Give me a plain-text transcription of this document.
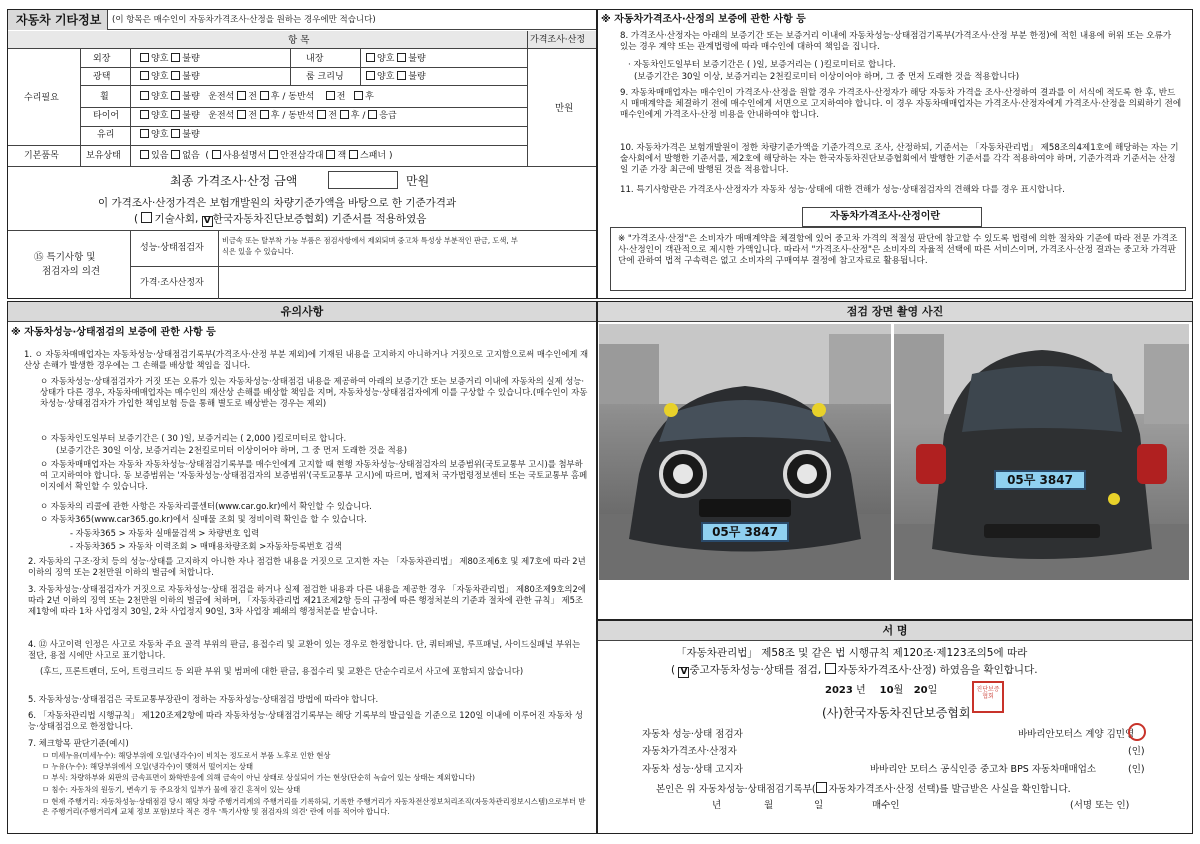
자동차 기타정보 (이 항목은 매수인이 자동차가격조사·산정을 원하는 경우에만 적습니다)
항 목	가격조사·산정
수리필요
기본품목
만원
외장	양호 불량	내장	양호 불량
광택	양호 불량	룸 크리닝	양호 불량
휠	양호 불량 운전석 전 후 / 동반석 전 후
타이어	양호 불량 운전석 전 후 / 동반석 전 후 / 응급
유리	양호 불량
보유상태	있음 없음  ( 사용설명서 안전삼각대 잭 스패너 )
최종 가격조사·산정 금액	만원
이 가격조사·산정가격은 보험개발원의 차량기준가액을 바탕으로 한 기준가격과
( 기술사회, V 한국자동차진단보증협회) 기준서를 적용하였음
⑮ 특기사항 및
점검자의 의견
성능·상태점검자
비금속 또는 탈부착 가능 부품은 점검사항에서 제외되며 중고차 특성상 부분적인 판금, 도색, 부
식은 있을 수 있습니다.
가격·조사산정자
※ 자동차가격조사·산정의 보증에 관한 사항 등
8. 가격조사·산정자는 아래의 보증기간 또는 보증거리 이내에 자동차성능·상태점검기록부(가격조사·산정 부분 한정)에 적힌 내용에 허위 또는 오류가 있는 경우 계약 또는 관계법령에 따라 매수인에 대하여 책임을 집니다.
· 자동차인도일부터 보증기간은 ( )일, 보증거리는 ( )킬로미터로 합니다.
(보증기간은 30일 이상, 보증거리는 2천킬로미터 이상이어야 하며, 그 중 먼저 도래한 것을 적용합니다)
9. 자동차매매업자는 매수인이 가격조사·산정을 원할 경우 가격조사·산정자가 해당 자동차 가격을 조사·산정하여 결과를 이 서식에 적도록 한 후, 반드시 매매계약을 체결하기 전에 매수인에게 서면으로 고지하여야 합니다. 이 경우 자동차매매업자는 가격조사·산정자에게 가격조사·산정을 의뢰하기 전에 매수인에게 가격조사·산정 비용을 안내하여야 합니다.
10. 자동차가격은 보험개발원이 정한 차량기준가액을 기준가격으로 조사, 산정하되, 기준서는 「자동차관리법」 제58조의4제1호에 해당하는 자는 기술사회에서 발행한 기준서를, 제2호에 해당하는 자는 한국자동차진단보증협회에서 발행한 기준서를 각각 적용하여야 하며, 기준가격과 기준서는 산정일 기준 가장 최근에 발행된 것을 적용합니다.
11. 특기사항란은 가격조사·산정자가 자동차 성능·상태에 대한 견해가 성능·상태점검자의 견해와 다를 경우 표시합니다.
자동차가격조사·산정이란
※ "가격조사·산정"은 소비자가 매매계약을 체결함에 있어 중고차 가격의 적절성 판단에 참고할 수 있도록 법령에 의한 절차와 기준에 따라 전문 가격조사·산정인이 객관적으로 제시한 가액입니다. 따라서 "가격조사·산정"은 소비자의 자율적 선택에 따른 서비스이며, 가격조사·산정 결과는 중고차 가격판단에 관하여 법적 구속력은 없고 소비자의 구매여부 결정에 참고자료로 활용됩니다.
유의사항
※ 자동차성능·상태점검의 보증에 관한 사항 등
1. ㅇ 자동차매매업자는 자동차성능·상태점검기록부(가격조사·산정 부분 제외)에 기재된 내용을 고지하지 아니하거나 거짓으로 고지함으로써 매수인에게 재산상 손해가 발생한 경우에는 그 손해를 배상할 책임을 집니다.
ㅇ 자동차성능·상태점검자가 거짓 또는 오류가 있는 자동차성능·상태점검 내용을 제공하여 아래의 보증기간 또는 보증거리 이내에 자동차의 실제 성능·상태가 다른 경우, 자동차매매업자는 매수인의 재산상 손해를 배상할 책임을 지며, 자동차성능·상태점검자에게 이를 구상할 수 있습니다.(매수인이 자동차성능·상태점검자가 가입한 책임보험 등을 통해 별도로 배상받는 경우는 제외)
ㅇ 자동차인도일부터 보증기간은 ( 30 )일, 보증거리는 ( 2,000 )킬로미터로 합니다.
(보증기간은 30일 이상, 보증거리는 2천킬로미터 이상이어야 하며, 그 중 먼저 도래한 것을 적용)
ㅇ 자동차매매업자는 자동차 자동차성능·상태점검기록부를 매수인에게 고지할 때 현행 자동차성능·상태점검자의 보증범위(국토교통부 고시)를 첨부하여 고지하여야 합니다. 동 보증범위는 '자동차성능·상태점검자의 보증범위'(국토교통부 고시)에 따르며, 법제처 국가법령정보센터 또는 국토교통부 홈페이지에서 확인할 수 있습니다.
ㅇ 자동차의 리콜에 관한 사항은 자동차리콜센터(www.car.go.kr)에서 확인할 수 있습니다.
ㅇ 자동차365(www.car365.go.kr)에서 실매물 조회 및 정비이력 확인을 할 수 있습니다.
- 자동차365 > 자동차 실매물검색 > 차량번호 입력
- 자동차365 > 자동차 이력조회 > 매매용차량조회 >자동차등록번호 검색
2. 자동차의 구조·장치 등의 성능·상태를 고지하지 아니한 자나 점검한 내용을 거짓으로 고지한 자는 「자동차관리법」 제80조제6호 및 제7호에 따라 2년 이하의 징역 또는 2천만원 이하의 벌금에 처합니다.
3. 자동차성능·상태점검자가 거짓으로 자동차성능·상태 점검을 하거나 실제 점검한 내용과 다른 내용을 제공한 경우 「자동차관리법」 제80조제9호의2에 따라 2년 이하의 징역 또는 2천만원 이하의 벌금에 처하며, 「자동차관리법 제21조제2항 등의 규정에 따른 행정처분의 기준과 절차에 관한 규칙」 제5조제1항에 따라 1차 사업정지 30일, 2차 사업정지 90일, 3차 사업장 폐쇄의 행정처분을 받습니다.
4. ⑫ 사고이력 인정은 사고로 자동차 주요 골격 부위의 판금, 용접수리 및 교환이 있는 경우로 한정합니다. 단, 쿼터패널, 루프패널, 사이드실패널 부위는 절단, 용접 시에만 사고로 표기합니다.
(후드, 프론트펜더, 도어, 트렁크리드 등 외판 부위 및 범퍼에 대한 판금, 용접수리 및 교환은 단순수리로서 사고에 포함되지 않습니다)
5. 자동차성능·상태점검은 국토교통부장관이 정하는 자동차성능·상태점검 방법에 따라야 합니다.
6. 「자동차관리법 시행규칙」 제120조제2항에 따라 자동차성능·상태점검기록부는 해당 기록부의 발급일을 기준으로 120일 이내에 이루어진 자동차 성능·상태점검으로 한정합니다.
7. 체크항목 판단기준(예시)
ㅁ 미세누유(미세누수): 해당부위에 오일(냉각수)이 비치는 정도로서 부품 노후로 인한 현상
ㅁ 누유(누수): 해당부위에서 오일(냉각수)이 맺혀서 떨어지는 상태
ㅁ 부식: 차량하부와 외판의 금속표면이 화학반응에 의해 금속이 아닌 상태로 상실되어 가는 현상(단순히 녹슬어 있는 상태는 제외합니다)
ㅁ 침수: 자동차의 원동기, 변속기 등 주요장치 일부가 물에 잠긴 흔적이 있는 상태
ㅁ 현재 주행거리: 자동차성능·상태점검 당시 해당 차량 주행거리계의 주행거리를 기록하되, 기록한 주행거리가 자동차전산정보처리조직(자동차관리정보시스템)으로부터 받은 주행거리(주행거리계 교체 정보 포함)보다 적은 경우 '특기사항 및 점검자의 의견' 란에 이를 적어야 합니다.
점검 장면 촬영 사진
05무 3847
05무 3847
서 명
「자동차관리법」 제58조 및 같은 법 시행규칙 제120조·제123조의5에 따라
( V 중고자동차성능·상태를 점검, 자동차가격조사·산정) 하였음을 확인합니다.
2023 년 10월 20일	진단보증협회
(사)한국자동차진단보증협회
자동차 성능·상태 점검자	바바리안모터스 계양 김민영
자동차가격조사·산정자	(인)
자동차 성능·상태 고지자	바바리안 모터스 공식인증 중고차 BPS 자동차매매업소	(인)
본인은 위 자동차성능·상태점검기록부( 자동차가격조사·산정 선택)를 발급받은 사실을 확인합니다.
년	월	일	매수인	(서명 또는 인)
